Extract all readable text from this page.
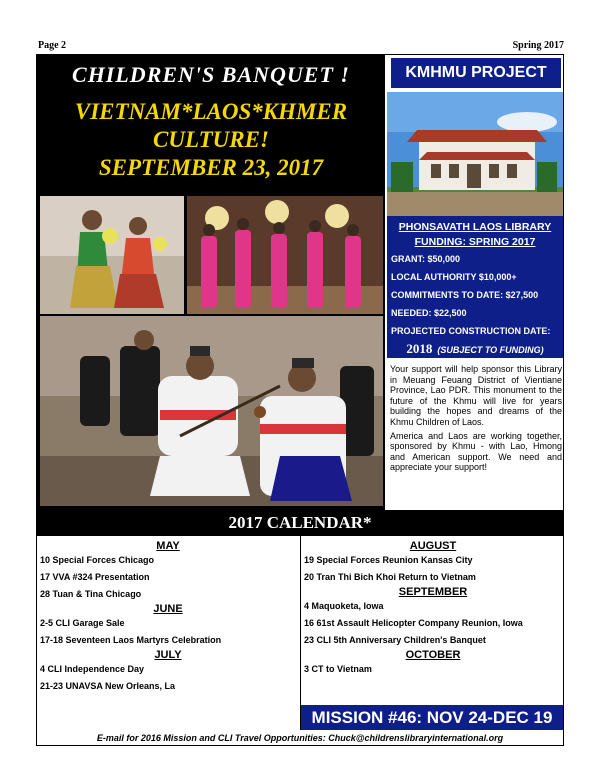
Page 2	Spring 2017
CHILDREN'S BANQUET !
VIETNAM*LAOS*KHMER
CULTURE!
SEPTEMBER 23, 2017
KMHMU PROJECT
PHONSAVATH LAOS LIBRARY
FUNDING: SPRING 2017
GRANT: $50,000
LOCAL AUTHORITY $10,000+
COMMITMENTS TO DATE: $27,500
NEEDED: $22,500
PROJECTED CONSTRUCTION DATE:
2018 (SUBJECT TO FUNDING)

Your support will help sponsor this Library in Meuang Feuang District of Vientiane Province, Lao PDR. This monument to the future of the Khmu will live for years building the hopes and dreams of the Khmu Children of Laos.

America and Laos are working together, sponsored by Khmu - with Lao, Hmong and American support. We need and appreciate your support!

2017 CALENDAR*
MAY
10 Special Forces Chicago
17 VVA #324 Presentation
28 Tuan & Tina Chicago
JUNE
2-5 CLI Garage Sale
17-18 Seventeen Laos Martyrs Celebration
JULY
4 CLI Independence Day
21-23 UNAVSA New Orleans, La
AUGUST
19 Special Forces Reunion Kansas City
20 Tran Thi Bich Khoi Return to Vietnam
SEPTEMBER
4 Maquoketa, Iowa
16 61st Assault Helicopter Company Reunion, Iowa
23 CLI 5th Anniversary Children's Banquet
OCTOBER
3 CT to Vietnam
MISSION #46: NOV 24-DEC 19
E-mail for 2016 Mission and CLI Travel Opportunities: Chuck@childrenslibraryinternational.org
